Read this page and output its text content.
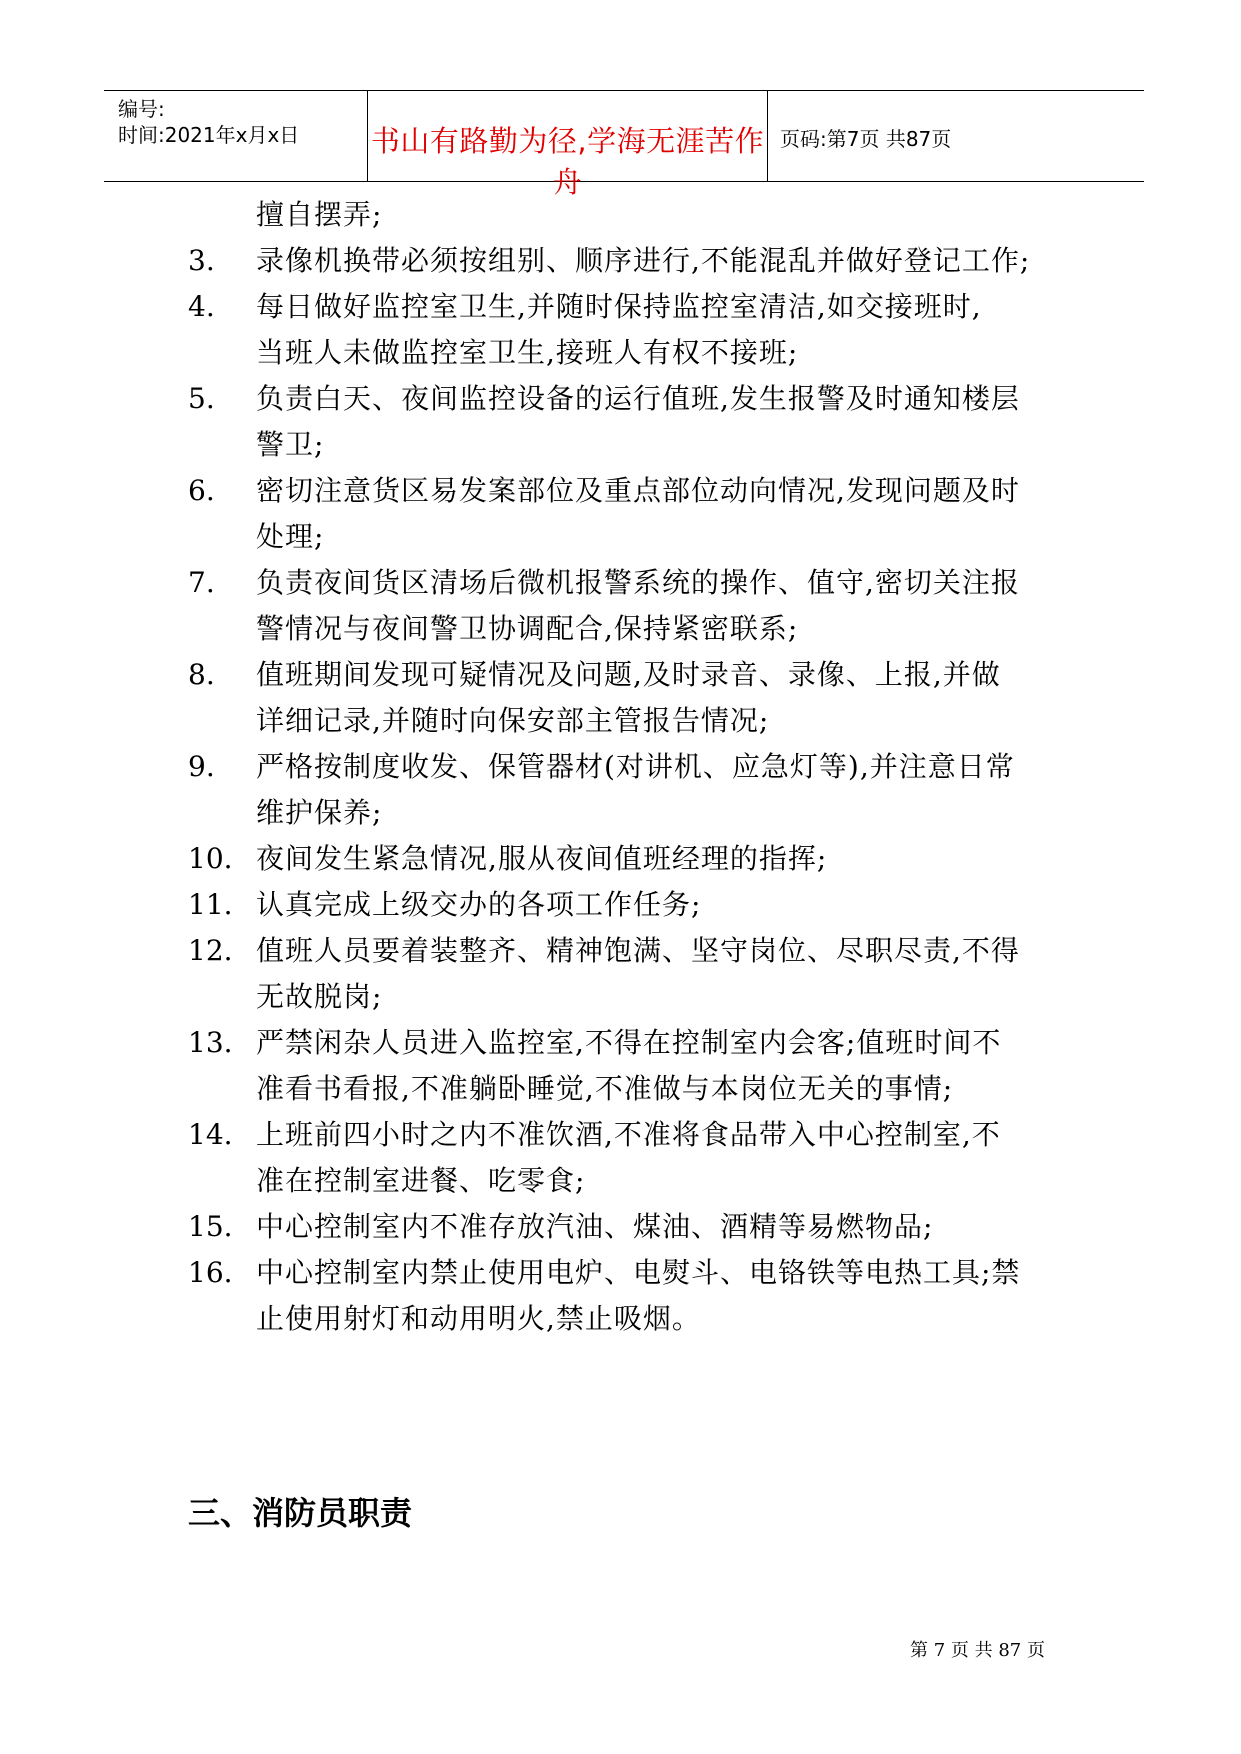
编号:
时间:2021年x月x日 书山有路勤为径,学海无涯苦作舟
页码:第7页 共87页
擅自摆弄;
3.	录像机换带必须按组别、顺序进行,不能混乱并做好登记工作;
4.	每日做好监控室卫生,并随时保持监控室清洁,如交接班时,
当班人未做监控室卫生,接班人有权不接班;
5.	负责白天、夜间监控设备的运行值班,发生报警及时通知楼层
警卫;
6.	密切注意货区易发案部位及重点部位动向情况,发现问题及时
处理;
7.	负责夜间货区清场后微机报警系统的操作、值守,密切关注报
警情况与夜间警卫协调配合,保持紧密联系;
8.	值班期间发现可疑情况及问题,及时录音、录像、上报,并做
详细记录,并随时向保安部主管报告情况;
9.	严格按制度收发、保管器材(对讲机、应急灯等),并注意日常
维护保养;
10. 夜间发生紧急情况,服从夜间值班经理的指挥;
11. 认真完成上级交办的各项工作任务;
12. 值班人员要着装整齐、精神饱满、坚守岗位、尽职尽责,不得
无故脱岗;
13. 严禁闲杂人员进入监控室,不得在控制室内会客;值班时间不
准看书看报,不准躺卧睡觉,不准做与本岗位无关的事情;
14. 上班前四小时之内不准饮酒,不准将食品带入中心控制室,不
准在控制室进餐、吃零食;
15. 中心控制室内不准存放汽油、煤油、酒精等易燃物品;
16. 中心控制室内禁止使用电炉、电熨斗、电铬铁等电热工具;禁
止使用射灯和动用明火,禁止吸烟。
三、消防员职责
第 7 页 共 87 页
